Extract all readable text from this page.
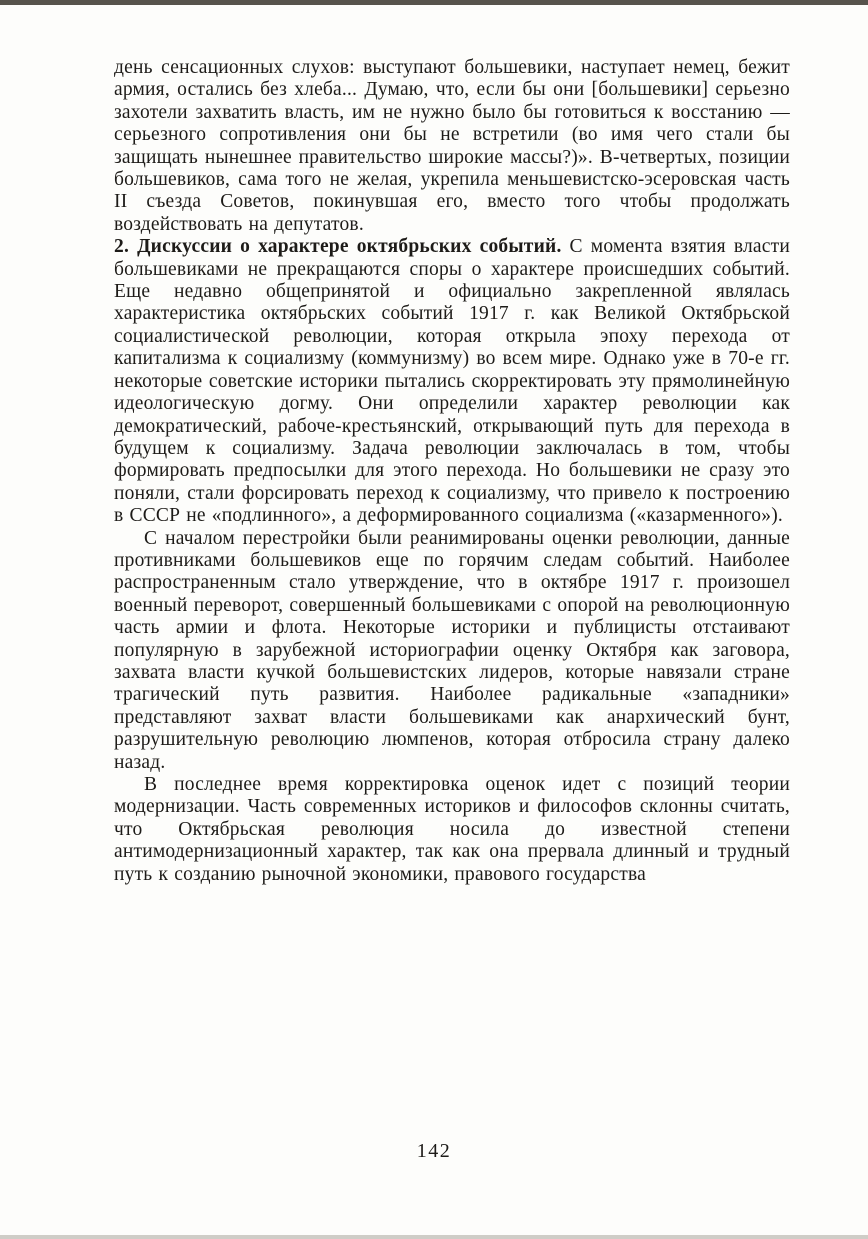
день сенсационных слухов: выступают большевики, наступает немец, бежит армия, остались без хлеба... Думаю, что, если бы они [большевики] серьезно захотели захватить власть, им не нужно было бы готовиться к восстанию — серьезного сопротивления они бы не встретили (во имя чего стали бы защищать нынешнее правительство широкие массы?)». В-четвертых, позиции большевиков, сама того не желая, укрепила меньшевистско-эсеровская часть II съезда Советов, покинувшая его, вместо того чтобы продолжать воздействовать на депутатов.

2. Дискуссии о характере октябрьских событий. С момента взятия власти большевиками не прекращаются споры о характере происшедших событий. Еще недавно общепринятой и официально закрепленной являлась характеристика октябрьских событий 1917 г. как Великой Октябрьской социалистической революции, которая открыла эпоху перехода от капитализма к социализму (коммунизму) во всем мире. Однако уже в 70-е гг. некоторые советские историки пытались скорректировать эту прямолинейную идеологическую догму. Они определили характер революции как демократический, рабоче-крестьянский, открывающий путь для перехода в будущем к социализму. Задача революции заключалась в том, чтобы формировать предпосылки для этого перехода. Но большевики не сразу это поняли, стали форсировать переход к социализму, что привело к построению в СССР не «подлинного», а деформированного социализма («казарменного»).

С началом перестройки были реанимированы оценки революции, данные противниками большевиков еще по горячим следам событий. Наиболее распространенным стало утверждение, что в октябре 1917 г. произошел военный переворот, совершенный большевиками с опорой на революционную часть армии и флота. Некоторые историки и публицисты отстаивают популярную в зарубежной историографии оценку Октября как заговора, захвата власти кучкой большевистских лидеров, которые навязали стране трагический путь развития. Наиболее радикальные «западники» представляют захват власти большевиками как анархический бунт, разрушительную революцию люмпенов, которая отбросила страну далеко назад.

В последнее время корректировка оценок идет с позиций теории модернизации. Часть современных историков и философов склонны считать, что Октябрьская революция носила до известной степени антимодернизационный характер, так как она прервала длинный и трудный путь к созданию рыночной экономики, правового государства

142
